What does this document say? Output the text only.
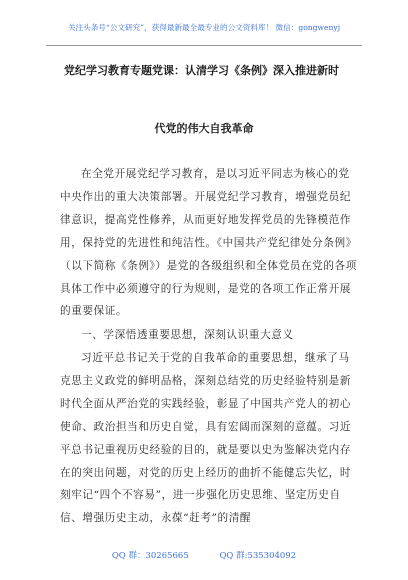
关注头条号“公文研究”，获得最新最全最专业的公文资料库！ 微信：gongwenyj
党纪学习教育专题党课：认清学习《条例》深入推进新时
代党的伟大自我革命
在全党开展党纪学习教育，是以习近平同志为核心的党中央作出的重大决策部署。开展党纪学习教育，增强党员纪律意识，提高党性修养，从而更好地发挥党员的先锋模范作用，保持党的先进性和纯洁性。《中国共产党纪律处分条例》（以下简称《条例》）是党的各级组织和全体党员在党的各项具体工作中必须遵守的行为规则，是党的各项工作正常开展的重要保证。
一、学深悟透重要思想，深刻认识重大意义
习近平总书记关于党的自我革命的重要思想，继承了马克思主义政党的鲜明品格，深刻总结党的历史经验特别是新时代全面从严治党的实践经验，彰显了中国共产党人的初心使命、政治担当和历史自觉，具有宏阔而深刻的意蕴。习近平总书记重视历史经验的目的，就是要以史为鉴解决党内存在的突出问题，对党的历史上经历的曲折不能健忘失忆，时刻牢记“四个不容易”，进一步强化历史思维、坚定历史自信、增强历史主动，永葆“赶考”的清醒
QQ 群：30265665	QQ 群:535304092
